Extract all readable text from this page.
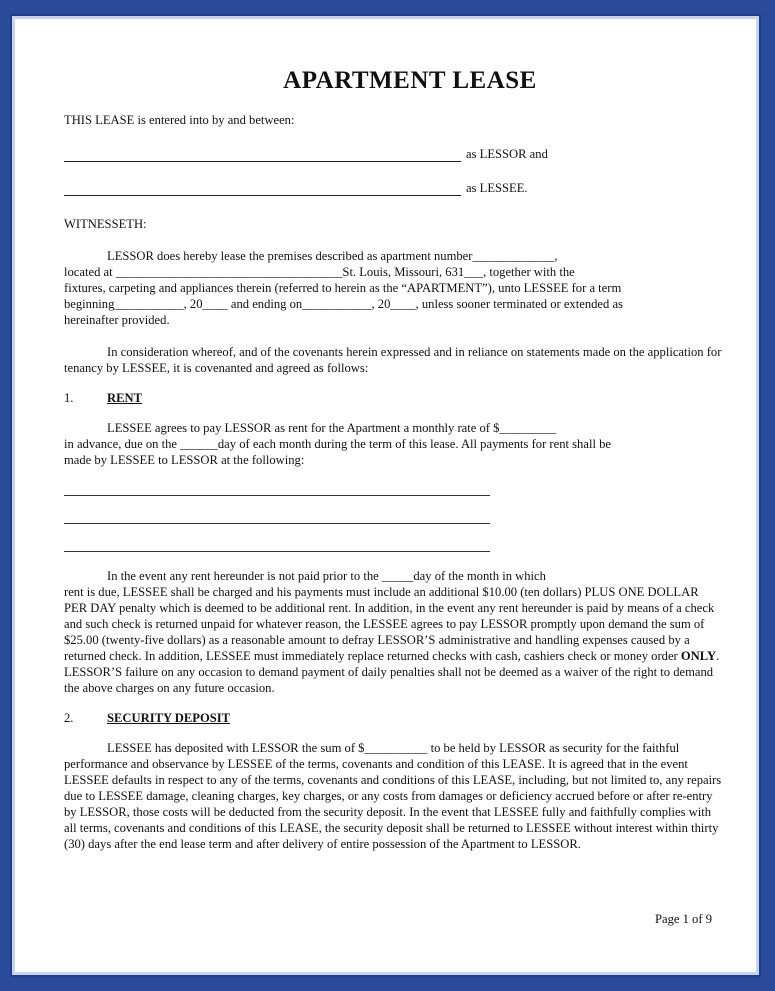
APARTMENT LEASE

THIS LEASE is entered into by and between:

as LESSOR and
as LESSEE.

WITNESSETH:

LESSOR does hereby lease the premises described as apartment number_____________,

located at ____________________________________St. Louis, Missouri, 631___, together with the

fixtures, carpeting and appliances therein (referred to herein as the “APARTMENT”), unto LESSEE for a term

beginning___________, 20____ and ending on___________, 20____, unless sooner terminated or extended as

hereinafter provided.

In consideration whereof, and of the covenants herein expressed and in reliance on statements made on the application for tenancy by LESSEE, it is covenanted and agreed as follows:

1.	RENT

LESSEE agrees to pay LESSOR as rent for the Apartment a monthly rate of $_________

in advance, due on the ______day of each month during the term of this lease. All payments for rent shall be

made by LESSEE to LESSOR at the following:

In the event any rent hereunder is not paid prior to the _____day of the month in which

rent is due, LESSEE shall be charged and his payments must include an additional $10.00 (ten dollars) PLUS ONE DOLLAR PER DAY penalty which is deemed to be additional rent. In addition, in the event any rent hereunder is paid by means of a check and such check is returned unpaid for whatever reason, the LESSEE agrees to pay LESSOR promptly upon demand the sum of $25.00 (twenty-five dollars) as a reasonable amount to defray LESSOR’S administrative and handling expenses caused by a returned check. In addition, LESSEE must immediately replace returned checks with cash, cashiers check or money order ONLY. LESSOR’S failure on any occasion to demand payment of daily penalties shall not be deemed as a waiver of the right to demand the above charges on any future occasion.

2.	SECURITY DEPOSIT

LESSEE has deposited with LESSOR the sum of $__________ to be held by LESSOR as security for the faithful performance and observance by LESSEE of the terms, covenants and condition of this LEASE. It is agreed that in the event LESSEE defaults in respect to any of the terms, covenants and conditions of this LEASE, including, but not limited to, any repairs due to LESSEE damage, cleaning charges, key charges, or any costs from damages or deficiency accrued before or after re-entry by LESSOR, those costs will be deducted from the security deposit. In the event that LESSEE fully and faithfully complies with all terms, covenants and conditions of this LEASE, the security deposit shall be returned to LESSEE without interest within thirty (30) days after the end lease term and after delivery of entire possession of the Apartment to LESSOR.

Page 1 of 9
